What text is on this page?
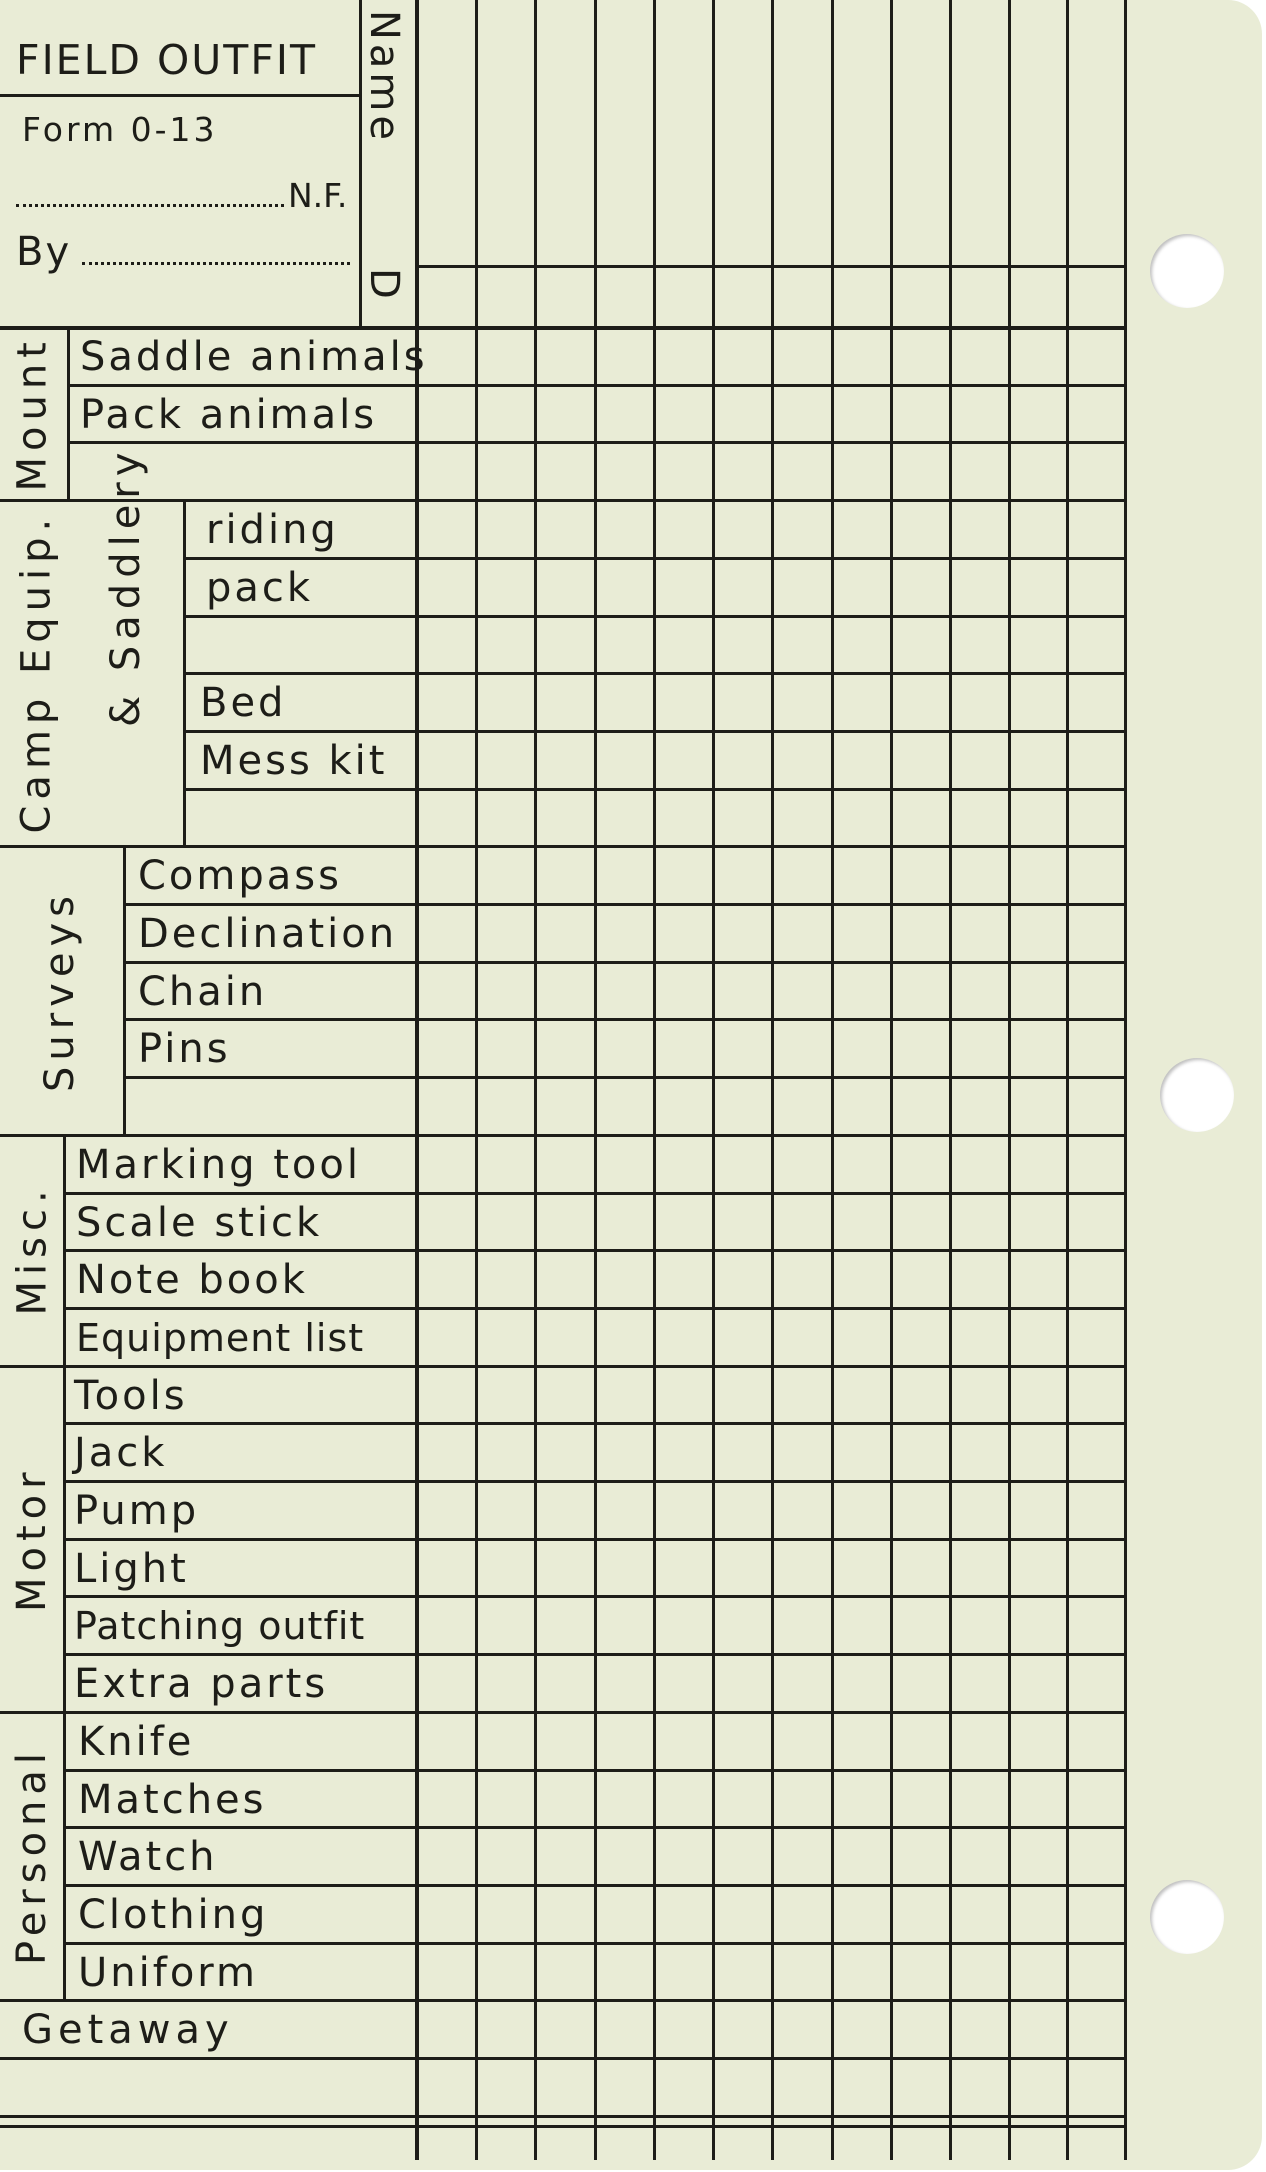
FIELD OUTFIT
Form 0-13
N.F.
By
Name
D
Saddle animals
Pack animals
riding
pack
Bed
Mess kit
Compass
Declination
Chain
Pins
Marking tool
Scale stick
Note book
Equipment list
Tools
Jack
Pump
Light
Patching outfit
Extra parts
Knife
Matches
Watch
Clothing
Uniform
Mount
& Saddlery
Camp Equip.
Surveys
Misc.
Motor
Personal
Getaway
